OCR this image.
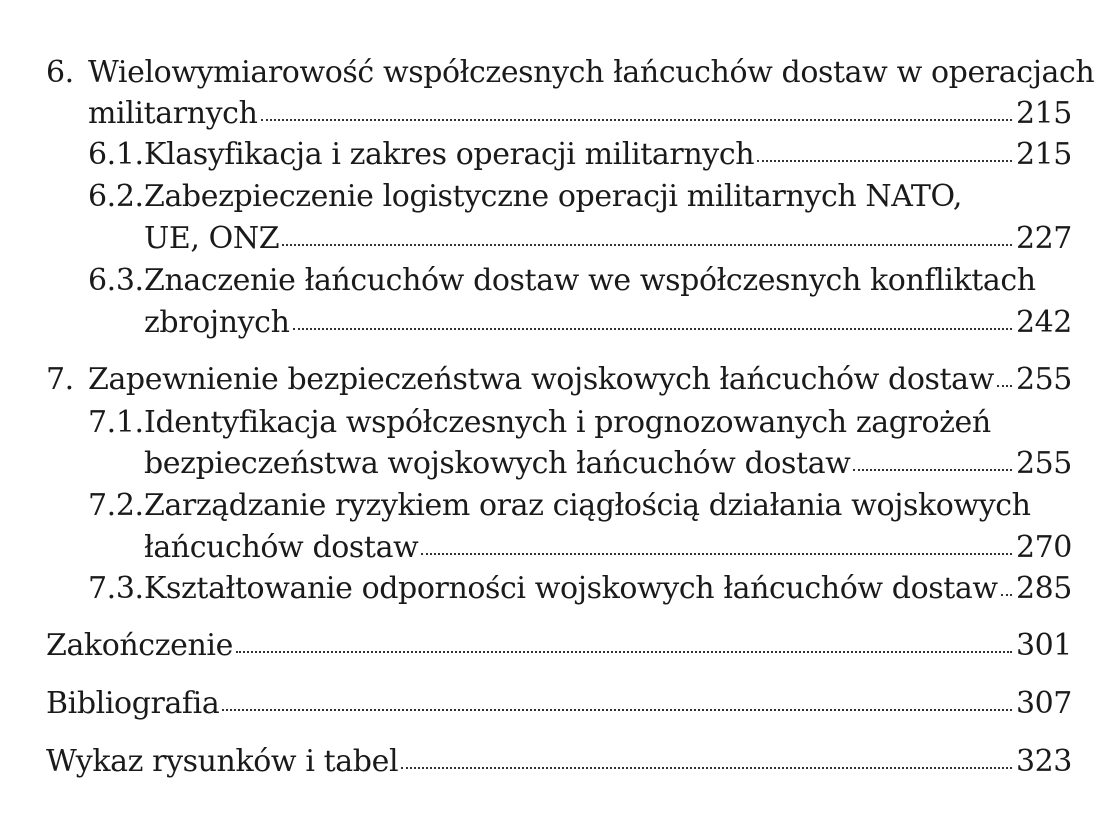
6. Wielowymiarowość współczesnych łańcuchów dostaw w operacjach
militarnych	215
6.1. Klasyfikacja i zakres operacji militarnych	215
6.2. Zabezpieczenie logistyczne operacji militarnych NATO,
UE, ONZ	227
6.3. Znaczenie łańcuchów dostaw we współczesnych konfliktach
zbrojnych	242
7. Zapewnienie bezpieczeństwa wojskowych łańcuchów dostaw 255
7.1. Identyfikacja współczesnych i prognozowanych zagrożeń
bezpieczeństwa wojskowych łańcuchów dostaw	255
7.2. Zarządzanie ryzykiem oraz ciągłością działania wojskowych
łańcuchów dostaw	270
7.3. Kształtowanie odporności wojskowych łańcuchów dostaw 285
Zakończenie	301
Bibliografia	307
Wykaz rysunków i tabel	323
